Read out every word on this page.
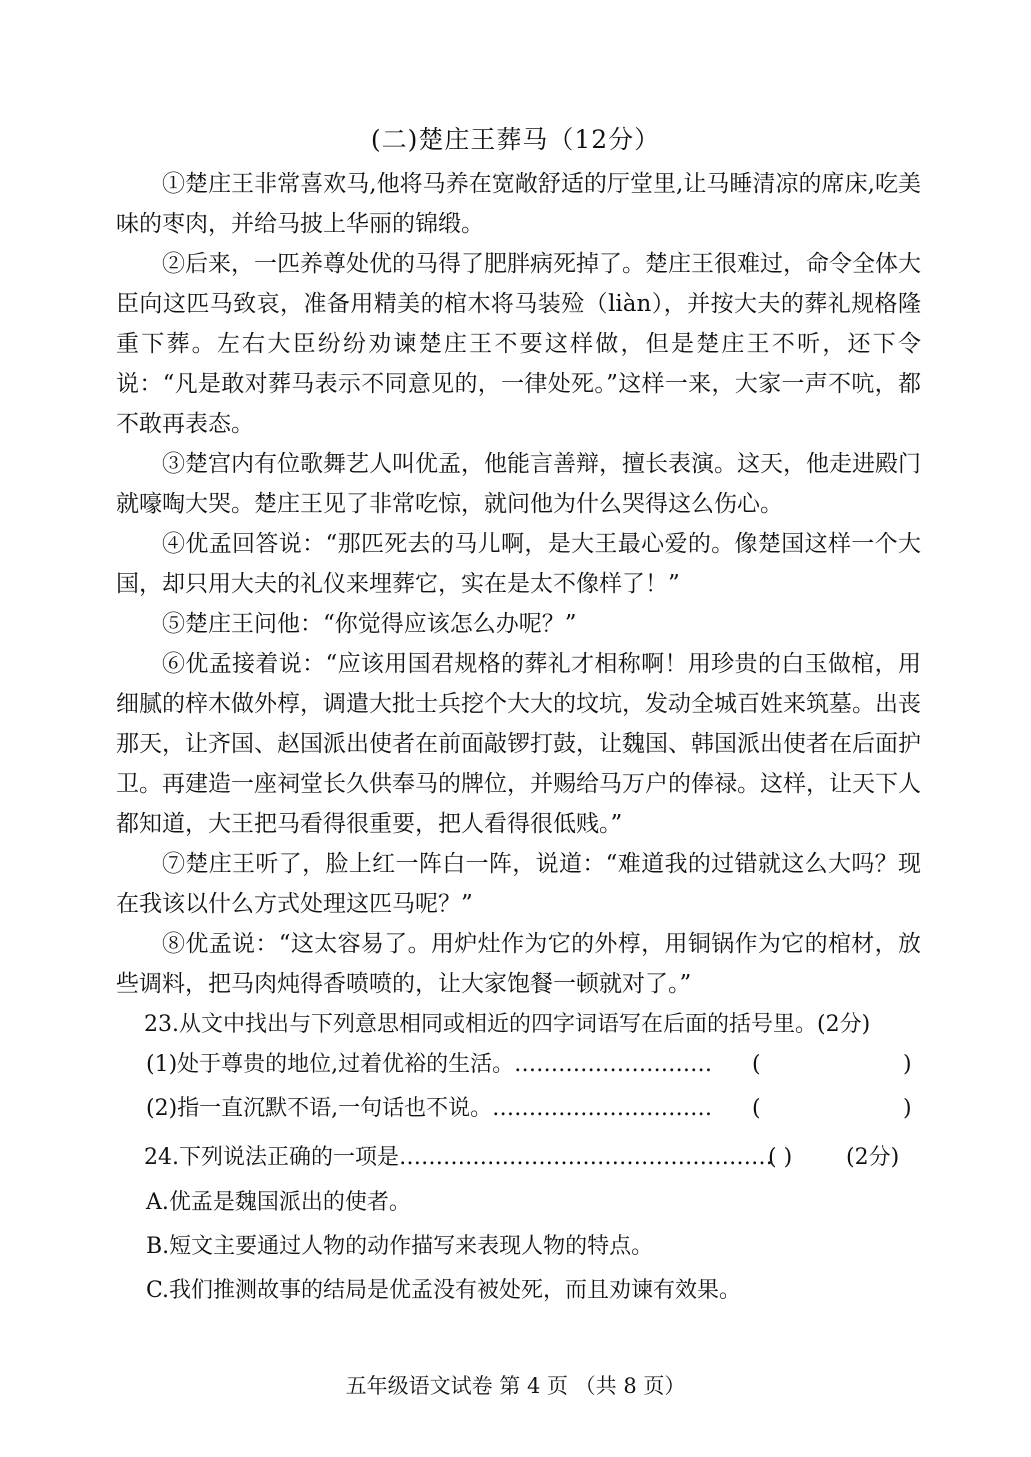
(二)楚庄王葬马（12分）
①楚庄王非常喜欢马,他将马养在宽敞舒适的厅堂里,让马睡清凉的席床,吃美味的枣肉，并给马披上华丽的锦缎。
②后来，一匹养尊处优的马得了肥胖病死掉了。楚庄王很难过，命令全体大臣向这匹马致哀，准备用精美的棺木将马装殓（liàn），并按大夫的葬礼规格隆重下葬。左右大臣纷纷劝谏楚庄王不要这样做，但是楚庄王不听，还下令说：“凡是敢对葬马表示不同意见的，一律处死。”这样一来，大家一声不吭，都不敢再表态。
③楚宫内有位歌舞艺人叫优孟，他能言善辩，擅长表演。这天，他走进殿门就嚎啕大哭。楚庄王见了非常吃惊，就问他为什么哭得这么伤心。
④优孟回答说：“那匹死去的马儿啊，是大王最心爱的。像楚国这样一个大国，却只用大夫的礼仪来埋葬它，实在是太不像样了！”
⑤楚庄王问他：“你觉得应该怎么办呢？”
⑥优孟接着说：“应该用国君规格的葬礼才相称啊！用珍贵的白玉做棺，用细腻的梓木做外椁，调遣大批士兵挖个大大的坟坑，发动全城百姓来筑墓。出丧那天，让齐国、赵国派出使者在前面敲锣打鼓，让魏国、韩国派出使者在后面护卫。再建造一座祠堂长久供奉马的牌位，并赐给马万户的俸禄。这样，让天下人都知道，大王把马看得很重要，把人看得很低贱。”
⑦楚庄王听了，脸上红一阵白一阵，说道：“难道我的过错就这么大吗？现在我该以什么方式处理这匹马呢？”
⑧优孟说：“这太容易了。用炉灶作为它的外椁，用铜锅作为它的棺材，放些调料，把马肉炖得香喷喷的，让大家饱餐一顿就对了。”
23.从文中找出与下列意思相同或相近的四字词语写在后面的括号里。(2分)
(1)处于尊贵的地位,过着优裕的生活。……………………… (	)
(2)指一直沉默不语,一句话也不说。………………………… (	)
24.下列说法正确的一项是……………………………………………
( ) (2分)
A.优孟是魏国派出的使者。
B.短文主要通过人物的动作描写来表现人物的特点。
C.我们推测故事的结局是优孟没有被处死，而且劝谏有效果。
五年级语文试卷 第 4 页 （共 8 页）
